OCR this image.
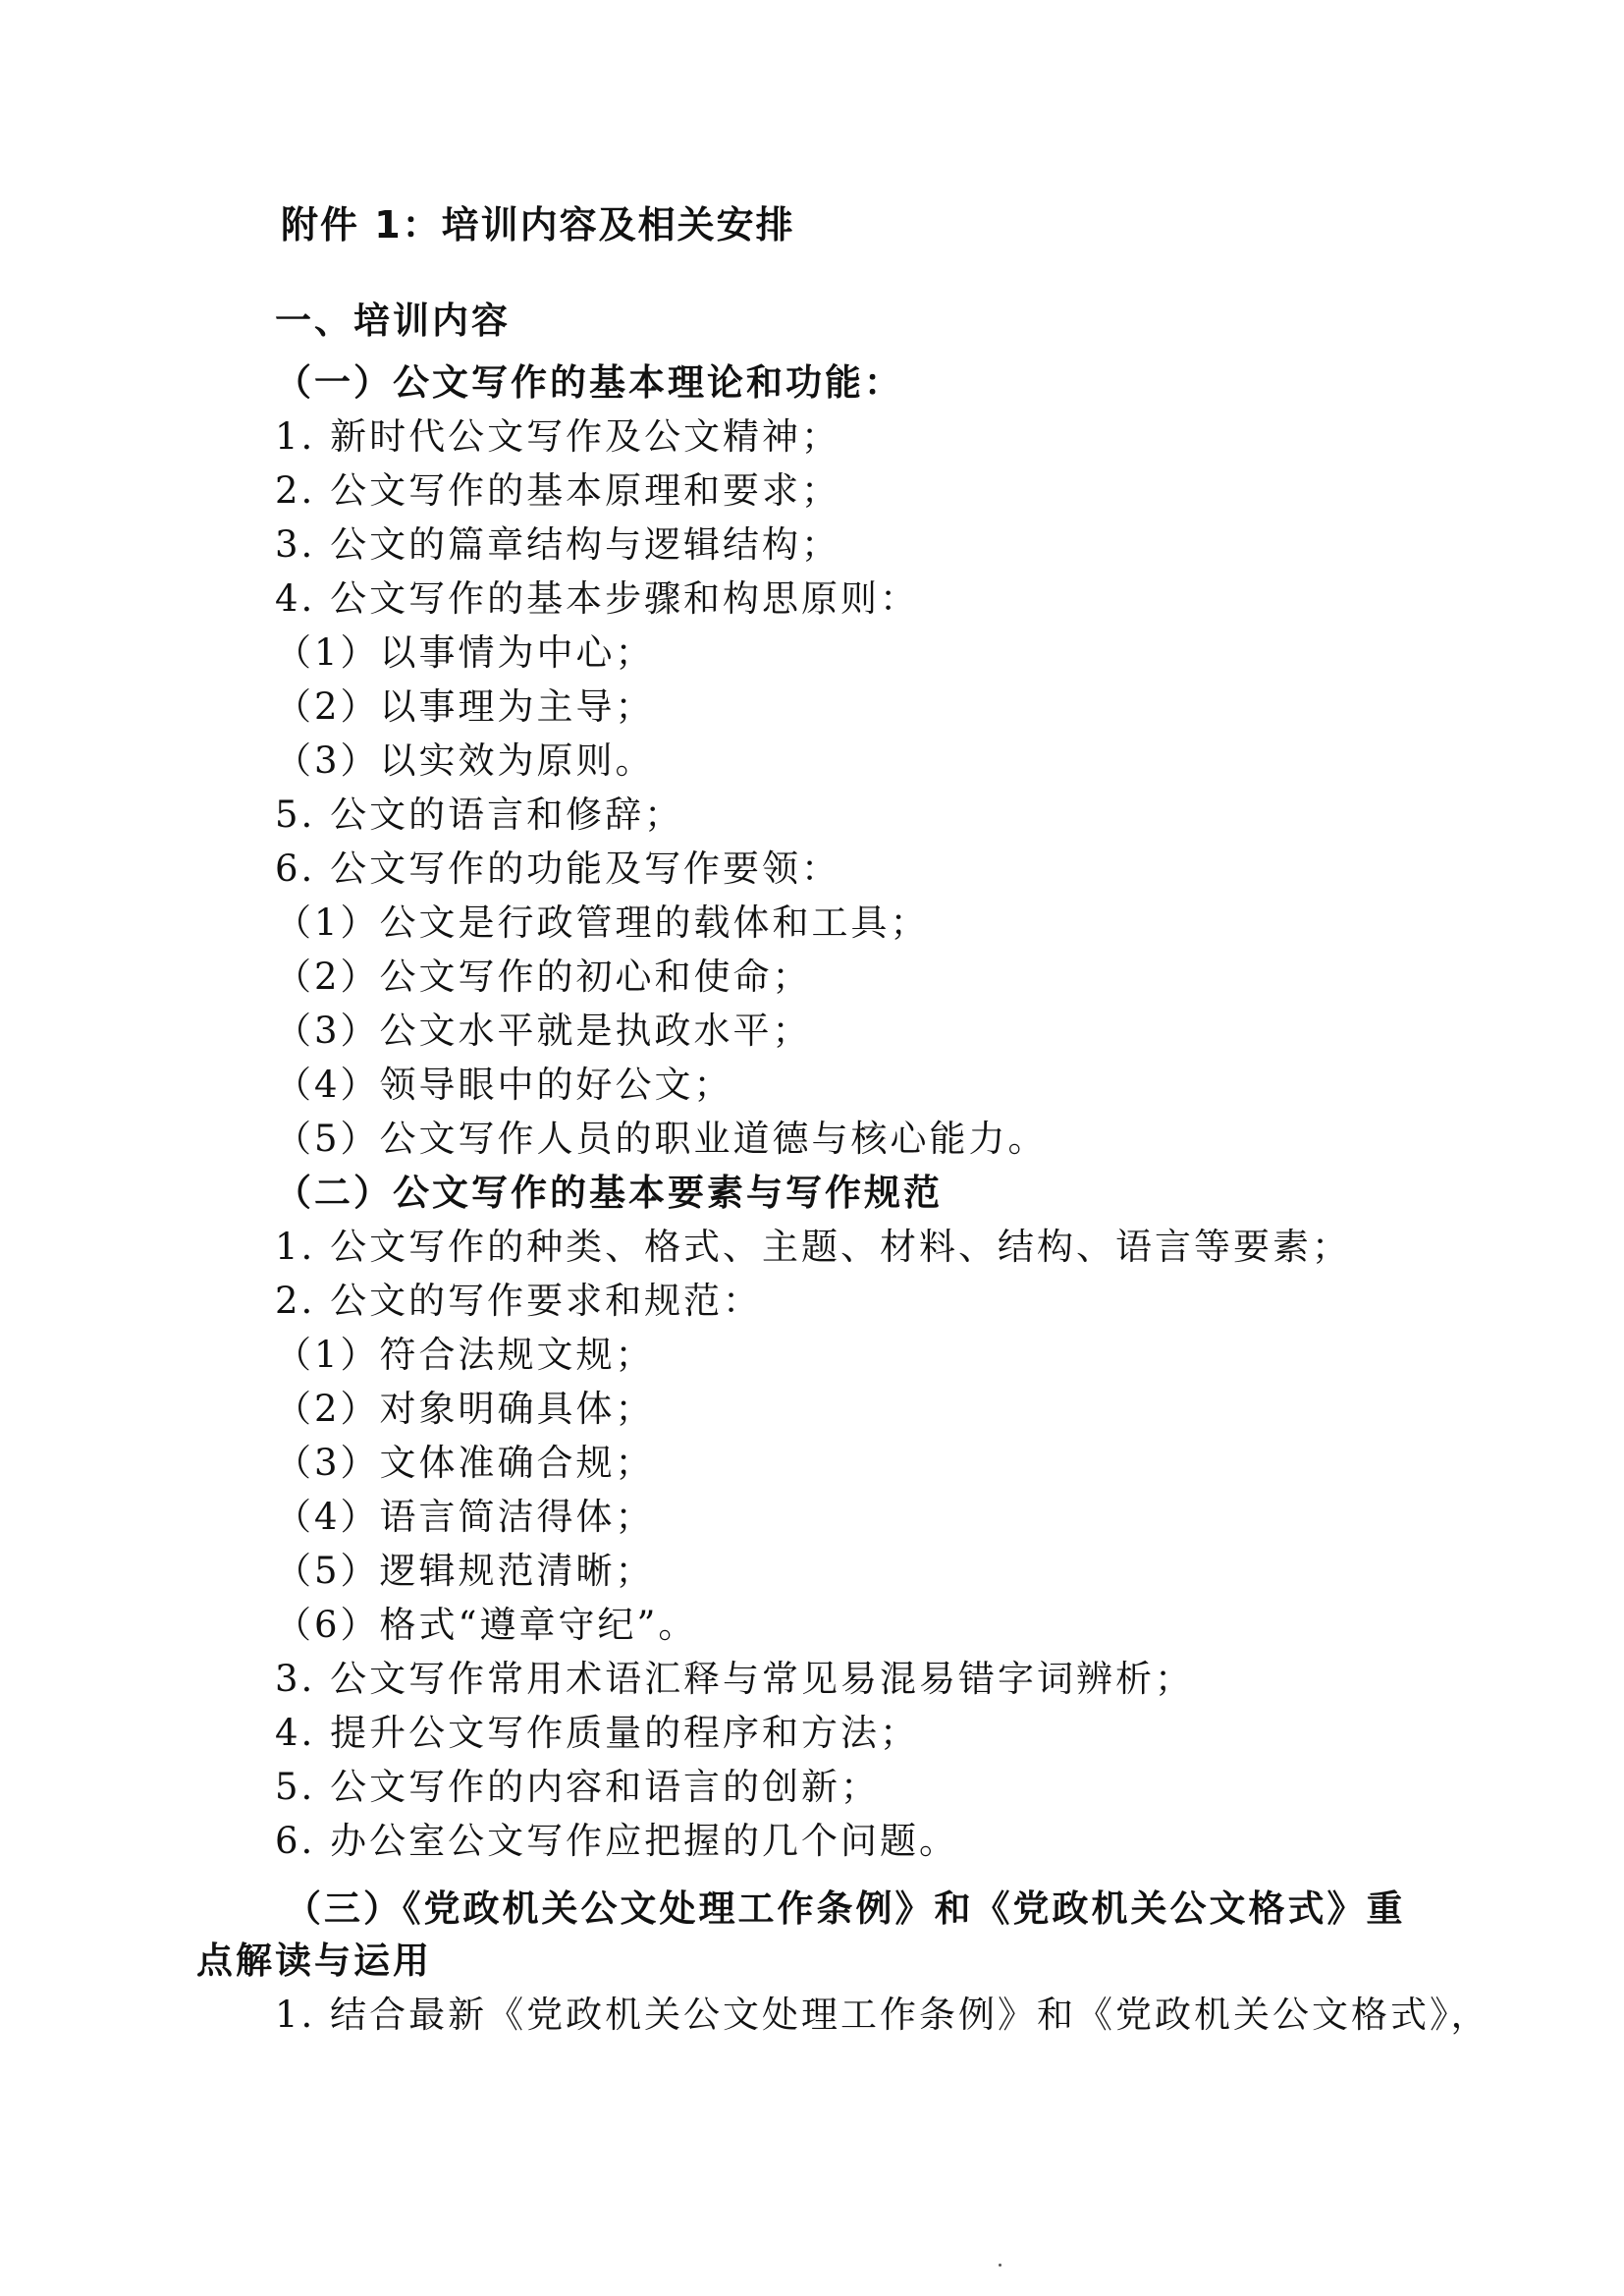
附件 1：培训内容及相关安排
一、培训内容
（一）公文写作的基本理论和功能：
1. 新时代公文写作及公文精神；
2. 公文写作的基本原理和要求；
3. 公文的篇章结构与逻辑结构；
4. 公文写作的基本步骤和构思原则：
（1）以事情为中心；
（2）以事理为主导；
（3）以实效为原则。
5. 公文的语言和修辞；
6. 公文写作的功能及写作要领：
（1）公文是行政管理的载体和工具；
（2）公文写作的初心和使命；
（3）公文水平就是执政水平；
（4）领导眼中的好公文；
（5）公文写作人员的职业道德与核心能力。
（二）公文写作的基本要素与写作规范
1. 公文写作的种类、格式、主题、材料、结构、语言等要素；
2. 公文的写作要求和规范：
（1）符合法规文规；
（2）对象明确具体；
（3）文体准确合规；
（4）语言简洁得体；
（5）逻辑规范清晰；
（6）格式“遵章守纪”。
3. 公文写作常用术语汇释与常见易混易错字词辨析；
4. 提升公文写作质量的程序和方法；
5. 公文写作的内容和语言的创新；
6. 办公室公文写作应把握的几个问题。
（三）《党政机关公文处理工作条例》和《党政机关公文格式》重
点解读与运用
1. 结合最新《党政机关公文处理工作条例》和《党政机关公文格式》，
